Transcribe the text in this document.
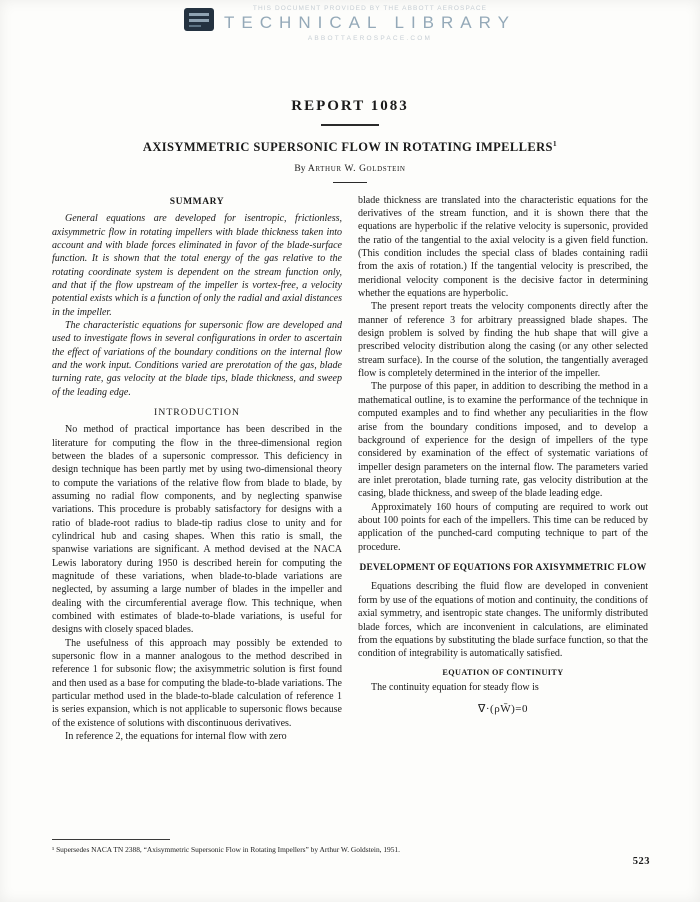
THIS DOCUMENT PROVIDED BY THE ABBOTT AEROSPACE
TECHNICAL LIBRARY
ABBOTTAEROSPACE.COM
REPORT 1083
AXISYMMETRIC SUPERSONIC FLOW IN ROTATING IMPELLERS$^1$
By Arthur W. Goldstein
SUMMARY

General equations are developed for isentropic, frictionless, axisymmetric flow in rotating impellers with blade thickness taken into account and with blade forces eliminated in favor of the blade-surface function. It is shown that the total energy of the gas relative to the rotating coordinate system is dependent on the stream function only, and that if the flow upstream of the impeller is vortex-free, a velocity potential exists which is a function of only the radial and axial distances in the impeller.

The characteristic equations for supersonic flow are developed and used to investigate flows in several configurations in order to ascertain the effect of variations of the boundary conditions on the internal flow and the work input. Conditions varied are prerotation of the gas, blade turning rate, gas velocity at the blade tips, blade thickness, and sweep of the leading edge.

INTRODUCTION

No method of practical importance has been described in the literature for computing the flow in the three-dimensional region between the blades of a supersonic compressor. This deficiency in design technique has been partly met by using two-dimensional theory to compute the variations of the relative flow from blade to blade, by assuming no radial flow components, and by neglecting spanwise variations. This procedure is probably satisfactory for designs with a ratio of blade-root radius to blade-tip radius close to unity and for cylindrical hub and casing shapes. When this ratio is small, the spanwise variations are significant. A method devised at the NACA Lewis laboratory during 1950 is described herein for computing the magnitude of these variations, when blade-to-blade variations are neglected, by assuming a large number of blades in the impeller and dealing with the circumferential average flow. This technique, when combined with estimates of blade-to-blade variations, is useful for designs with closely spaced blades.

The usefulness of this approach may possibly be extended to supersonic flow in a manner analogous to the method described in reference 1 for subsonic flow; the axisymmetric solution is first found and then used as a base for computing the blade-to-blade variations. The particular method used in the blade-to-blade calculation of reference 1 is series expansion, which is not applicable to supersonic flows because of the existence of solutions with discontinuous derivatives.

In reference 2, the equations for internal flow with zero

blade thickness are translated into the characteristic equations for the derivatives of the stream function, and it is shown there that the equations are hyperbolic if the relative velocity is supersonic, provided the ratio of the tangential to the axial velocity is a given field function. (This condition includes the special class of blades containing radii from the axis of rotation.) If the tangential velocity is prescribed, the meridional velocity component is the decisive factor in determining whether the equations are hyperbolic.

The present report treats the velocity components directly after the manner of reference 3 for arbitrary preassigned blade shapes. The design problem is solved by finding the hub shape that will give a prescribed velocity distribution along the casing (or any other selected stream surface). In the course of the solution, the tangentially averaged flow is completely determined in the interior of the impeller.

The purpose of this paper, in addition to describing the method in a mathematical outline, is to examine the performance of the technique in computed examples and to find whether any peculiarities in the flow arise from the boundary conditions imposed, and to develop a background of experience for the design of impellers of the type considered by examination of the effect of systematic variations of impeller design parameters on the internal flow. The parameters varied are inlet prerotation, blade turning rate, gas velocity distribution at the casing, blade thickness, and sweep of the blade leading edge.

Approximately 160 hours of computing are required to work out about 100 points for each of the impellers. This time can be reduced by application of the punched-card computing technique to part of the procedure.

DEVELOPMENT OF EQUATIONS FOR AXISYMMETRIC FLOW

Equations describing the fluid flow are developed in convenient form by use of the equations of motion and continuity, the conditions of axial symmetry, and isentropic state changes. The uniformly distributed blade forces, which are inconvenient in calculations, are eliminated from the equations by substituting the blade surface function, so that the condition of integrability is automatically satisfied.

EQUATION OF CONTINUITY

The continuity equation for steady flow is

∇·(ρW̄)=0
¹ Supersedes NACA TN 2388, “Axisymmetric Supersonic Flow in Rotating Impellers” by Arthur W. Goldstein, 1951.
523
